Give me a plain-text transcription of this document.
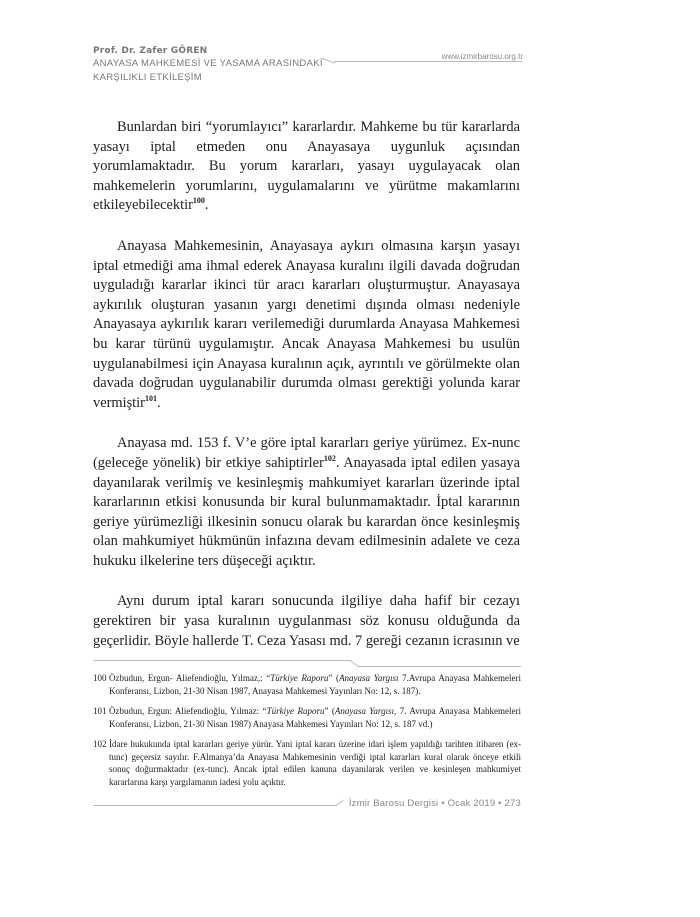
Prof. Dr. Zafer GÖREN
ANAYASA MAHKEMESİ VE YASAMA ARASINDAKİ
KARŞILIKLI ETKİLEŞİM
www.izmirbarosu.org.tr

Bunlardan biri “yorumlayıcı” kararlardır. Mahkeme bu tür kararlarda yasayı iptal etmeden onu Anayasaya uygunluk açısından yorumlamaktadır. Bu yorum kararları, yasayı uygulayacak olan mahkemelerin yorumlarını, uygulamalarını ve yürütme makamlarını etkileyebilecektir$^{100}$.

Anayasa Mahkemesinin, Anayasaya aykırı olmasına karşın yasayı iptal etmediği ama ihmal ederek Anayasa kuralını ilgili davada doğrudan uyguladığı kararlar ikinci tür aracı kararları oluşturmuştur. Anayasaya aykırılık oluşturan yasanın yargı denetimi dışında olması nedeniyle Anayasaya aykırılık kararı verilemediği durumlarda Anayasa Mahkemesi bu karar türünü uygulamıştır. Ancak Anayasa Mahkemesi bu usulün uygulanabilmesi için Anayasa kuralının açık, ayrıntılı ve görülmekte olan davada doğrudan uygulanabilir durumda olması gerektiği yolunda karar vermiştir$^{101}$.

Anayasa md. 153 f. V’e göre iptal kararları geriye yürümez. Ex-nunc (geleceğe yönelik) bir etkiye sahiptirler$^{102}$. Anayasada iptal edilen yasaya dayanılarak verilmiş ve kesinleşmiş mahkumiyet kararları üzerinde iptal kararlarının etkisi konusunda bir kural bulunmamaktadır. İptal kararının geriye yürümezliği ilkesinin sonucu olarak bu karardan önce kesinleşmiş olan mahkumiyet hükmünün infazına devam edilmesinin adalete ve ceza hukuku ilkelerine ters düşeceği açıktır.

Aynı durum iptal kararı sonucunda ilgiliye daha hafif bir cezayı gerektiren bir yasa kuralının uygulanması söz konusu olduğunda da geçerlidir. Böyle hallerde T. Ceza Yasası md. 7 gereği cezanın icrasının ve

100 Özbudun, Ergun- Aliefendioğlu, Yılmaz,: “Türkiye Raporu” (Anayasa Yargısı 7.Avrupa Anayasa Mahkemeleri Konferansı, Lizbon, 21-30 Nisan 1987, Anayasa Mahkemesi Yayınları No: 12, s. 187).
101 Özbudun, Ergun: Aliefendioğlu, Yılmaz: “Türkiye Raporu” (Anayasa Yargısı, 7. Avrupa Anayasa Mahkemeleri Konferansı, Lizbon, 21-30 Nisan 1987) Anayasa Mahkemesi Yayınları No: 12, s. 187 vd.)
102 İdare hukukunda iptal kararları geriye yürür. Yani iptal kararı üzerine idari işlem yapıldığı tarihten itibaren (ex-tunc) geçersiz sayılır. F.Almanya’da Anayasa Mahkemesinin verdiği iptal kararları kural olarak önceye etkili sonuç doğurmaktadır (ex-tunc). Ancak iptal edilen kanuna dayanılarak verilen ve kesinleşen mahkumiyet kararlarına karşı yargılamanın iadesi yolu açıktır.
İzmir Barosu Dergisi • Ocak 2019 • 273
